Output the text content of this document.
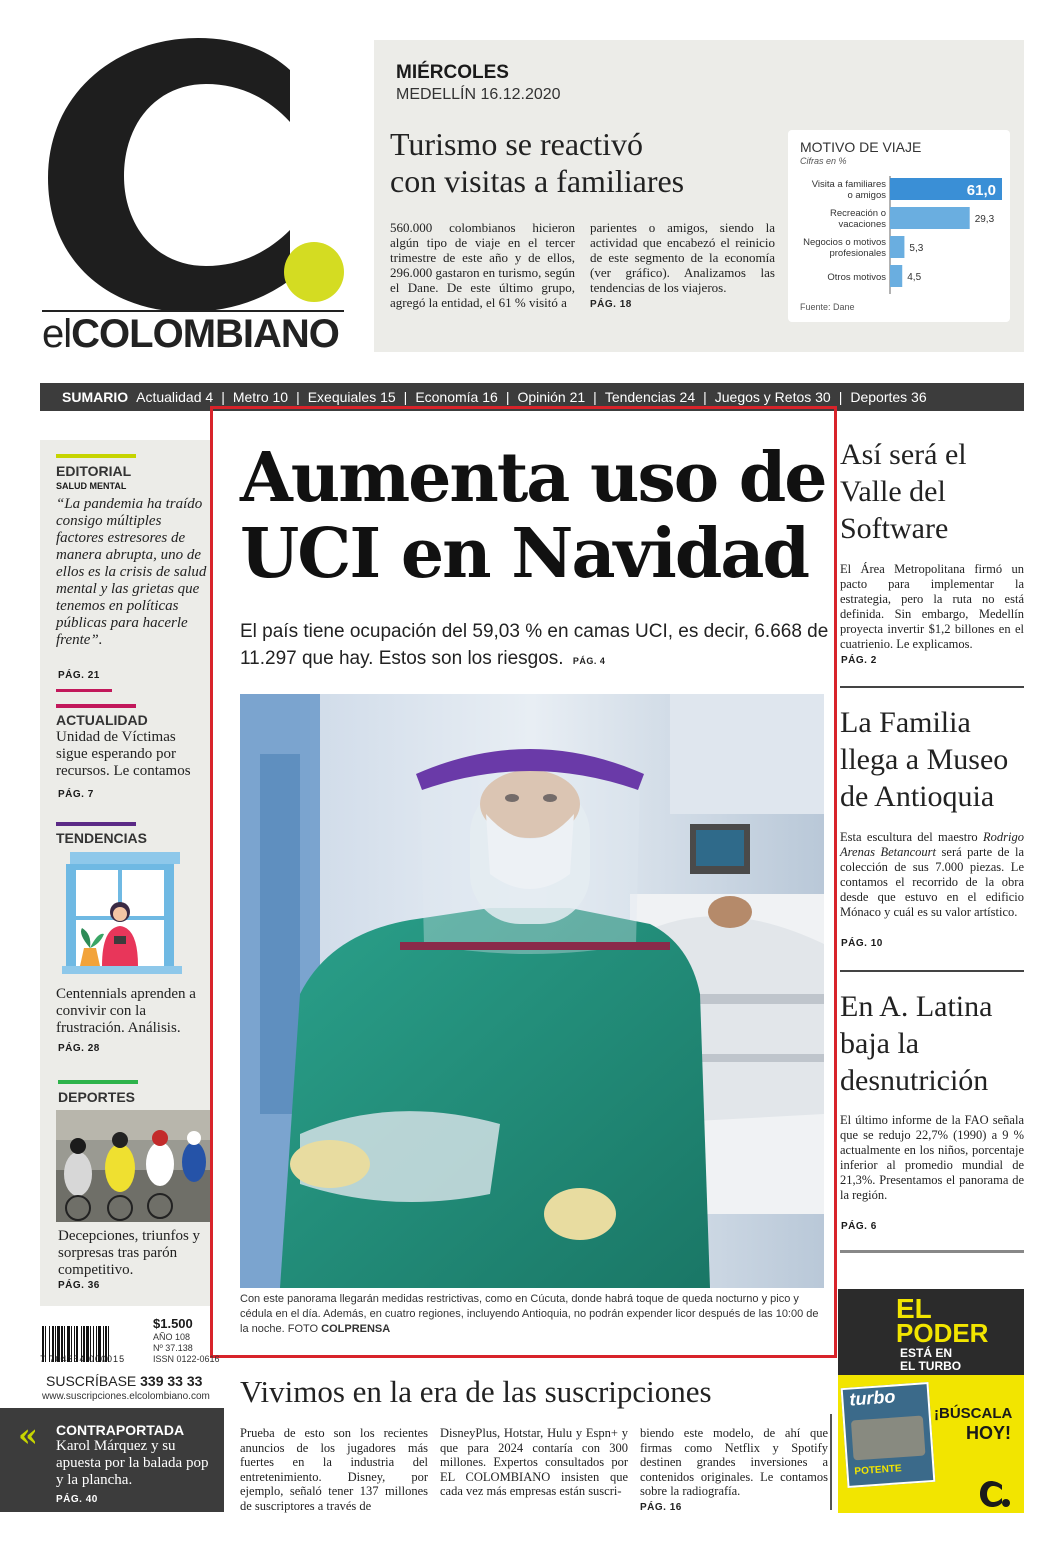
elCOLOMBIANO
MIÉRCOLES
MEDELLÍN 16.12.2020
Turismo se reactivó
con visitas a familiares
560.000 colombianos hicieron algún tipo de viaje en el tercer trimestre de este año y de ellos, 296.000 gastaron en turismo, según el Dane. De este último grupo, agregó la entidad, el 61 % visitó a
parientes o amigos, siendo la actividad que encabezó el reinicio de este segmento de la economía (ver gráfico). Analizamos las tendencias de los viajeros.
PÁG. 18
MOTIVO DE VIAJE
Cifras en %
Visita a familiares
o amigos	61,0
Recreación o
vacaciones	29,3
Negocios o motivos
profesionales 5,3
Otros motivos 4,5
Fuente: Dane
SUMARIO Actualidad 4 | Metro 10 | Exequiales 15 | Economía 16 | Opinión 21 | Tendencias 24 | Juegos y Retos 30 | Deportes 36
EDITORIAL
SALUD MENTAL
“La pandemia ha traído consigo múltiples factores estresores de manera abrupta, uno de ellos es la crisis de salud mental y las grietas que tenemos en políticas públicas para hacerle frente”.
PÁG. 21
ACTUALIDAD
Unidad de Víctimas sigue esperando por recursos. Le contamos
PÁG. 7
TENDENCIAS
Centennials aprenden a convivir con la frustración. Análisis.
PÁG. 28
DEPORTES
Decepciones, triunfos y sorpresas tras parón competitivo.
PÁG. 36
Aumenta uso de
UCI en Navidad
El país tiene ocupación del 59,03 % en camas UCI, es decir, 6.668 de 11.297 que hay. Estos son los riesgos. PÁG. 4
Con este panorama llegarán medidas restrictivas, como en Cúcuta, donde habrá toque de queda nocturno y pico y cédula en el día. Además, en cuatro regiones, incluyendo Antioquia, no podrán expender licor después de las 10:00 de la noche. FOTO COLPRENSA
Así será el
Valle del
Software
El Área Metropolitana firmó un pacto para implementar la estrategia, pero la ruta no está definida. Sin embargo, Medellín proyecta invertir $1,2 billones en el cuatrienio. Le explicamos.
PÁG. 2
La Familia
llega a Museo
de Antioquia
Esta escultura del maestro Rodrigo Arenas Betancourt será parte de la colección de sus 7.000 piezas. Le contamos el recorrido de la obra desde que estuvo en el edificio Mónaco y cuál es su valor artístico.
PÁG. 10
En A. Latina
baja la
desnutrición
El último informe de la FAO señala que se redujo 22,7% (1990) a 9 % actualmente en los niños, porcentaje inferior al promedio mundial de 21,3%. Presentamos el panorama de la región.
PÁG. 6
EL
PODER
ESTÁ EN
EL TURBO
turbo
POTENTE
¡BÚSCALA
HOY!
Vivimos en la era de las suscripciones
Prueba de esto son los recientes anuncios de los jugadores más fuertes en la industria del entretenimiento. Disney, por ejemplo, señaló tener 137 millones de suscriptores a través de
DisneyPlus, Hotstar, Hulu y Espn+ y que para 2024 contaría con 300 millones. Expertos consultados por EL COLOMBIANO insisten que cada vez más empresas están suscri-
biendo este modelo, de ahí que firmas como Netflix y Spotify destinen grandes inversiones a contenidos originales. Le contamos sobre la radiografía.
PÁG. 16
7 704354 000015
$1.500
AÑO 108
Nº 37.138
ISSN 0122-0616
SUSCRÍBASE 339 33 33
www.suscripciones.elcolombiano.com
« CONTRAPORTADA
Karol Márquez y su apuesta por la balada pop y la plancha.
PÁG. 40
